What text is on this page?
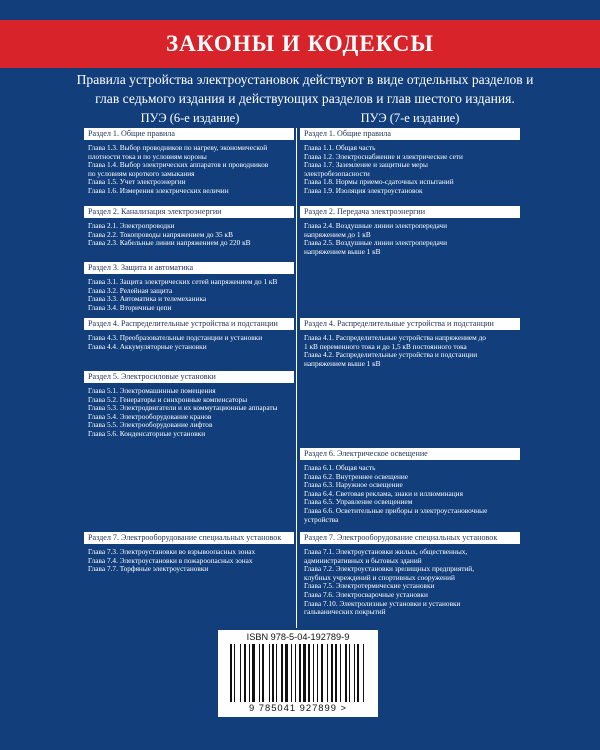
ЗАКОНЫ И КОДЕКСЫ
Правила устройства электроустановок действуют в виде отдельных разделов и глав седьмого издания и действующих разделов и глав шестого издания.
ПУЭ (6-е издание)	ПУЭ (7-е издание)
Раздел 1. Общие правила
Глава 1.3. Выбор проводников по нагреву, экономической
плотности тока и по условиям короны
Глава 1.4. Выбор электрических аппаратов и проводников
по условиям короткого замыкания
Глава 1.5. Учет электроэнергии
Глава 1.6. Измерения электрических величин
Раздел 2. Канализация электроэнергии
Глава 2.1. Электропроводки
Глава 2.2. Токопроводы напряжением до 35 кВ
Глава 2.3. Кабельные линии напряжением до 220 кВ
Раздел 3. Защита и автоматика
Глава 3.1. Защита электрических сетей напряжением до 1 кВ
Глава 3.2. Релейная защита
Глава 3.3. Автоматика и телемеханика
Глава 3.4. Вторичные цепи
Раздел 4. Распределительные устройства и подстанции
Глава 4.3. Преобразовательные подстанции и установки
Глава 4.4. Аккумуляторные установки
Раздел 5. Электросиловые установки
Глава 5.1. Электромашинные помещения
Глава 5.2. Генераторы и синхронные компенсаторы
Глава 5.3. Электродвигатели и их коммутационные аппараты
Глава 5.4. Электрооборудование кранов
Глава 5.5. Электрооборудование лифтов
Глава 5.6. Конденсаторные установки
Раздел 7. Электрооборудование специальных установок
Глава 7.3. Электроустановки во взрывоопасных зонах
Глава 7.4. Электроустановки в пожароопасных зонах
Глава 7.7. Торфяные электроустановки
Раздел 1. Общие правила
Глава 1.1. Общая часть
Глава 1.2. Электроснабжение и электрические сети
Глава 1.7. Заземление и защитные меры
электробезопасности
Глава 1.8. Нормы приемо-сдаточных испытаний
Глава 1.9. Изоляция электроустановок
Раздел 2. Передача электроэнергии
Глава 2.4. Воздушные линии электропередачи
напряжением до 1 кВ
Глава 2.5. Воздушные линии электропередачи
напряжением выше 1 кВ
Раздел 4. Распределительные устройства и подстанции
Глава 4.1. Распределительные устройства напряжением до
1 кВ переменного тока и до 1,5 кВ постоянного тока
Глава 4.2. Распределительные устройства и подстанции
напряжением выше 1 кВ
Раздел 6. Электрическое освещение
Глава 6.1. Общая часть
Глава 6.2. Внутреннее освещение
Глава 6.3. Наружное освещение
Глава 6.4. Световая реклама, знаки и иллюминация
Глава 6.5. Управление освещением
Глава 6.6. Осветительные приборы и электроустановочные
устройства
Раздел 7. Электрооборудование специальных установок
Глава 7.1. Электроустановки жилых, общественных,
административных и бытовых зданий
Глава 7.2. Электроустановки зрелищных предприятий,
клубных учреждений и спортивных сооружений
Глава 7.5. Электротермические установки
Глава 7.6. Электросварочные установки
Глава 7.10. Электролизные установки и установки
гальванических покрытий
ISBN 978-5-04-192789-9
9 785041 927899 >
